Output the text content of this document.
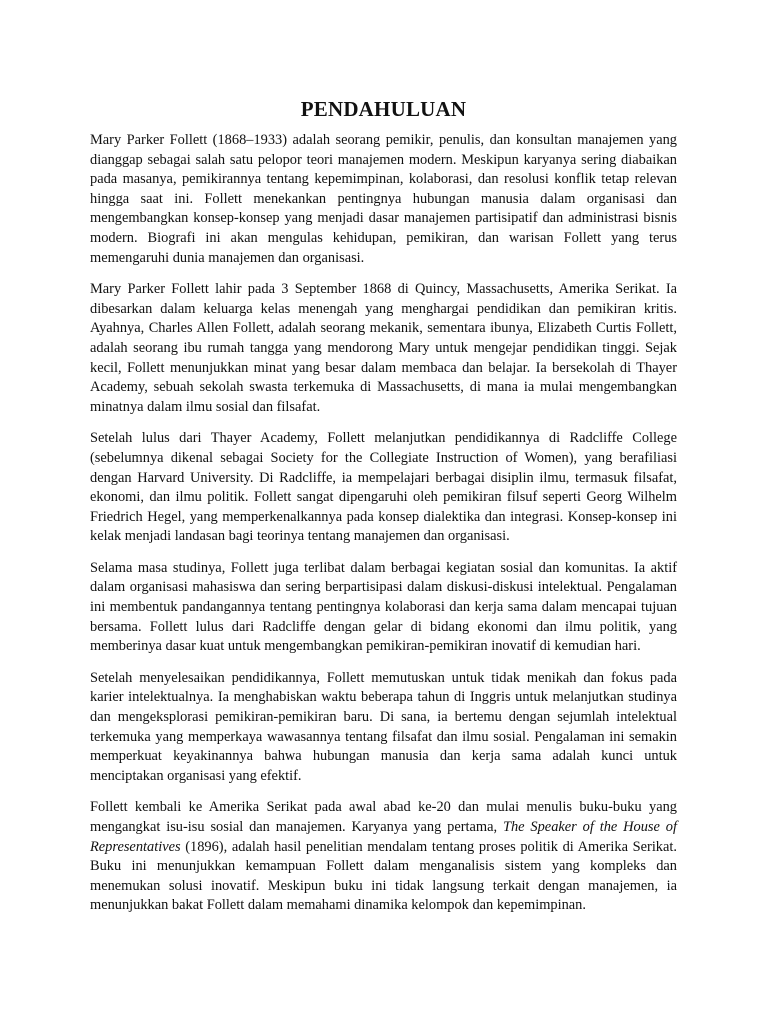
PENDAHULUAN

Mary Parker Follett (1868–1933) adalah seorang pemikir, penulis, dan konsultan manajemen yang dianggap sebagai salah satu pelopor teori manajemen modern. Meskipun karyanya sering diabaikan pada masanya, pemikirannya tentang kepemimpinan, kolaborasi, dan resolusi konflik tetap relevan hingga saat ini. Follett menekankan pentingnya hubungan manusia dalam organisasi dan mengembangkan konsep-konsep yang menjadi dasar manajemen partisipatif dan administrasi bisnis modern. Biografi ini akan mengulas kehidupan, pemikiran, dan warisan Follett yang terus memengaruhi dunia manajemen dan organisasi.

Mary Parker Follett lahir pada 3 September 1868 di Quincy, Massachusetts, Amerika Serikat. Ia dibesarkan dalam keluarga kelas menengah yang menghargai pendidikan dan pemikiran kritis. Ayahnya, Charles Allen Follett, adalah seorang mekanik, sementara ibunya, Elizabeth Curtis Follett, adalah seorang ibu rumah tangga yang mendorong Mary untuk mengejar pendidikan tinggi. Sejak kecil, Follett menunjukkan minat yang besar dalam membaca dan belajar. Ia bersekolah di Thayer Academy, sebuah sekolah swasta terkemuka di Massachusetts, di mana ia mulai mengembangkan minatnya dalam ilmu sosial dan filsafat.

Setelah lulus dari Thayer Academy, Follett melanjutkan pendidikannya di Radcliffe College (sebelumnya dikenal sebagai Society for the Collegiate Instruction of Women), yang berafiliasi dengan Harvard University. Di Radcliffe, ia mempelajari berbagai disiplin ilmu, termasuk filsafat, ekonomi, dan ilmu politik. Follett sangat dipengaruhi oleh pemikiran filsuf seperti Georg Wilhelm Friedrich Hegel, yang memperkenalkannya pada konsep dialektika dan integrasi. Konsep-konsep ini kelak menjadi landasan bagi teorinya tentang manajemen dan organisasi.

Selama masa studinya, Follett juga terlibat dalam berbagai kegiatan sosial dan komunitas. Ia aktif dalam organisasi mahasiswa dan sering berpartisipasi dalam diskusi-diskusi intelektual. Pengalaman ini membentuk pandangannya tentang pentingnya kolaborasi dan kerja sama dalam mencapai tujuan bersama. Follett lulus dari Radcliffe dengan gelar di bidang ekonomi dan ilmu politik, yang memberinya dasar kuat untuk mengembangkan pemikiran-pemikiran inovatif di kemudian hari.

Setelah menyelesaikan pendidikannya, Follett memutuskan untuk tidak menikah dan fokus pada karier intelektualnya. Ia menghabiskan waktu beberapa tahun di Inggris untuk melanjutkan studinya dan mengeksplorasi pemikiran-pemikiran baru. Di sana, ia bertemu dengan sejumlah intelektual terkemuka yang memperkaya wawasannya tentang filsafat dan ilmu sosial. Pengalaman ini semakin memperkuat keyakinannya bahwa hubungan manusia dan kerja sama adalah kunci untuk menciptakan organisasi yang efektif.

Follett kembali ke Amerika Serikat pada awal abad ke-20 dan mulai menulis buku-buku yang mengangkat isu-isu sosial dan manajemen. Karyanya yang pertama, The Speaker of the House of Representatives (1896), adalah hasil penelitian mendalam tentang proses politik di Amerika Serikat. Buku ini menunjukkan kemampuan Follett dalam menganalisis sistem yang kompleks dan menemukan solusi inovatif. Meskipun buku ini tidak langsung terkait dengan manajemen, ia menunjukkan bakat Follett dalam memahami dinamika kelompok dan kepemimpinan.
